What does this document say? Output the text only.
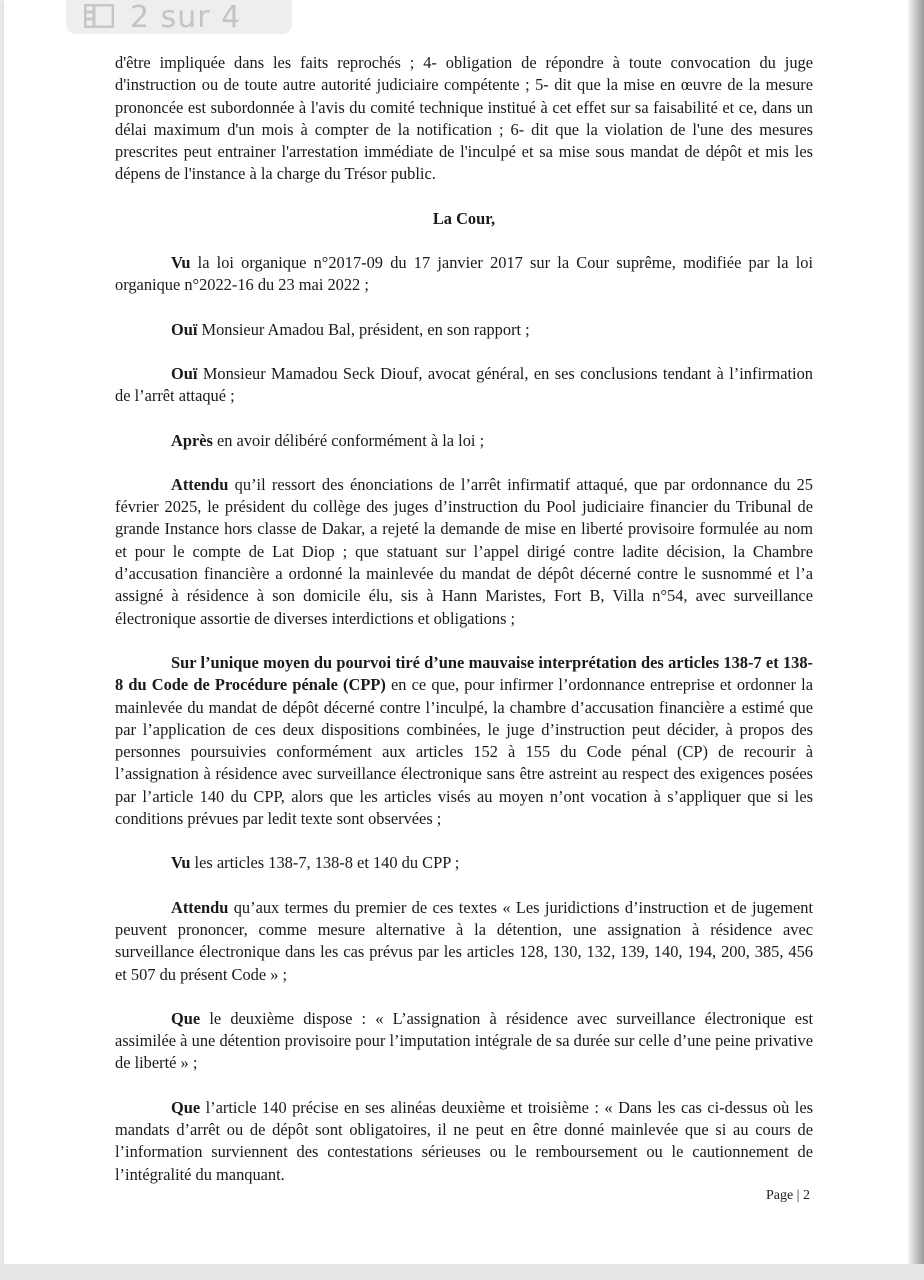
2 sur 4

d'être impliquée dans les faits reprochés ; 4- obligation de répondre à toute convocation du juge d'instruction ou de toute autre autorité judiciaire compétente ; 5- dit que la mise en œuvre de la mesure prononcée est subordonnée à l'avis du comité technique institué à cet effet sur sa faisabilité et ce, dans un délai maximum d'un mois à compter de la notification ; 6- dit que la violation de l'une des mesures prescrites peut entrainer l'arrestation immédiate de l'inculpé et sa mise sous mandat de dépôt et mis les dépens de l'instance à la charge du Trésor public.

La Cour,

Vu la loi organique n°2017-09 du 17 janvier 2017 sur la Cour suprême, modifiée par la loi organique n°2022-16 du 23 mai 2022 ;

Ouï Monsieur Amadou Bal, président, en son rapport ;

Ouï Monsieur Mamadou Seck Diouf, avocat général, en ses conclusions tendant à l’infirmation de l’arrêt attaqué ;

Après en avoir délibéré conformément à la loi ;

Attendu qu’il ressort des énonciations de l’arrêt infirmatif attaqué, que par ordonnance du 25 février 2025, le président du collège des juges d’instruction du Pool judiciaire financier du Tribunal de grande Instance hors classe de Dakar, a rejeté la demande de mise en liberté provisoire formulée au nom et pour le compte de Lat Diop ; que statuant sur l’appel dirigé contre ladite décision, la Chambre d’accusation financière a ordonné la mainlevée du mandat de dépôt décerné contre le susnommé et l’a assigné à résidence à son domicile élu, sis à Hann Maristes, Fort B, Villa n°54, avec surveillance électronique assortie de diverses interdictions et obligations ;

Sur l’unique moyen du pourvoi tiré d’une mauvaise interprétation des articles 138-7 et 138-8 du Code de Procédure pénale (CPP) en ce que, pour infirmer l’ordonnance entreprise et ordonner la mainlevée du mandat de dépôt décerné contre l’inculpé, la chambre d’accusation financière a estimé que par l’application de ces deux dispositions combinées, le juge d’instruction peut décider, à propos des personnes poursuivies conformément aux articles 152 à 155 du Code pénal (CP) de recourir à l’assignation à résidence avec surveillance électronique sans être astreint au respect des exigences posées par l’article 140 du CPP, alors que les articles visés au moyen n’ont vocation à s’appliquer que si les conditions prévues par ledit texte sont observées ;

Vu les articles 138-7, 138-8 et 140 du CPP ;

Attendu qu’aux termes du premier de ces textes « Les juridictions d’instruction et de jugement peuvent prononcer, comme mesure alternative à la détention, une assignation à résidence avec surveillance électronique dans les cas prévus par les articles 128, 130, 132, 139, 140, 194, 200, 385, 456 et 507 du présent Code » ;

Que le deuxième dispose : « L’assignation à résidence avec surveillance électronique est assimilée à une détention provisoire pour l’imputation intégrale de sa durée sur celle d’une peine privative de liberté » ;

Que l’article 140 précise en ses alinéas deuxième et troisième : « Dans les cas ci-dessus où les mandats d’arrêt ou de dépôt sont obligatoires, il ne peut en être donné mainlevée que si au cours de l’information surviennent des contestations sérieuses ou le remboursement ou le cautionnement de l’intégralité du manquant.

Page | 2
